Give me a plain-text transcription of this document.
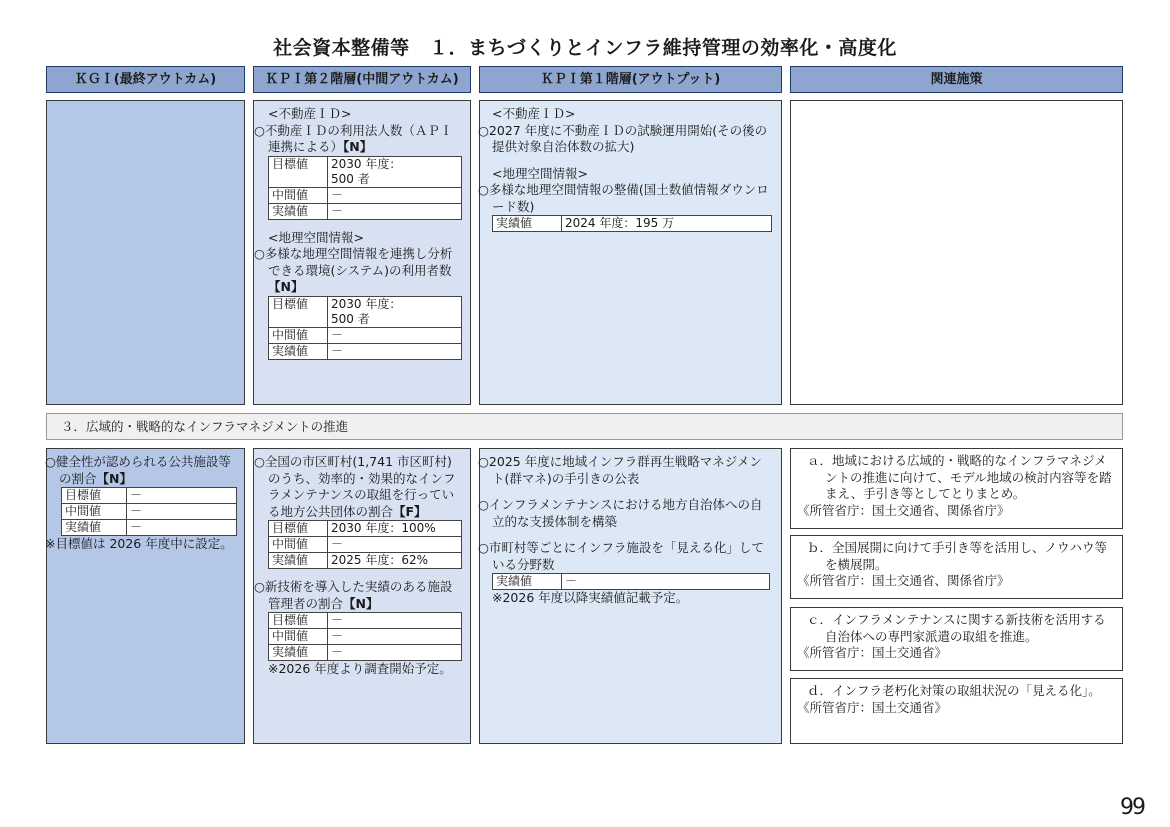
社会資本整備等　１．まちづくりとインフラ維持管理の効率化・高度化
ＫＧＩ(最終アウトカム)	ＫＰＩ第２階層(中間アウトカム)	ＫＰＩ第１階層(アウトプット)	関連施策
<不動産ＩＤ>
○不動産ＩＤの利用法人数（ＡＰＩ連携による）【N】
目標値	2030 年度：
500 者
中間値	－
実績値	－
<地理空間情報>
○多様な地理空間情報を連携し分析できる環境(システム)の利用者数【N】
目標値	2030 年度：
500 者
中間値	－
実績値	－
<不動産ＩＤ>
○2027 年度に不動産ＩＤの試験運用開始(その後の提供対象自治体数の拡大)
<地理空間情報>
○多様な地理空間情報の整備(国土数値情報ダウンロード数)
実績値	2024 年度：195 万
３．広域的・戦略的なインフラマネジメントの推進
○健全性が認められる公共施設等の割合【N】
目標値	－
中間値	－
実績値	－
※目標値は 2026 年度中に設定。
○全国の市区町村(1,741 市区町村)のうち、効率的・効果的なインフラメンテナンスの取組を行っている地方公共団体の割合【F】
目標値	2030 年度：100%
中間値	－
実績値	2025 年度：62%
○新技術を導入した実績のある施設管理者の割合【N】
目標値	－
中間値	－
実績値	－
※2026 年度より調査開始予定。
○2025 年度に地域インフラ群再生戦略マネジメント(群マネ)の手引きの公表
○インフラメンテナンスにおける地方自治体への自立的な支援体制を構築
○市町村等ごとにインフラ施設を「見える化」している分野数
実績値	－
※2026 年度以降実績値記載予定。
ａ．地域における広域的・戦略的なインフラマネジメントの推進に向けて、モデル地域の検討内容等を踏まえ、手引き等としてとりまとめ。
《所管省庁：国土交通省、関係省庁》
ｂ．全国展開に向けて手引き等を活用し、ノウハウ等を横展開。
《所管省庁：国土交通省、関係省庁》
ｃ．インフラメンテナンスに関する新技術を活用する自治体への専門家派遣の取組を推進。
《所管省庁：国土交通省》
ｄ．インフラ老朽化対策の取組状況の「見える化」。
《所管省庁：国土交通省》
99
